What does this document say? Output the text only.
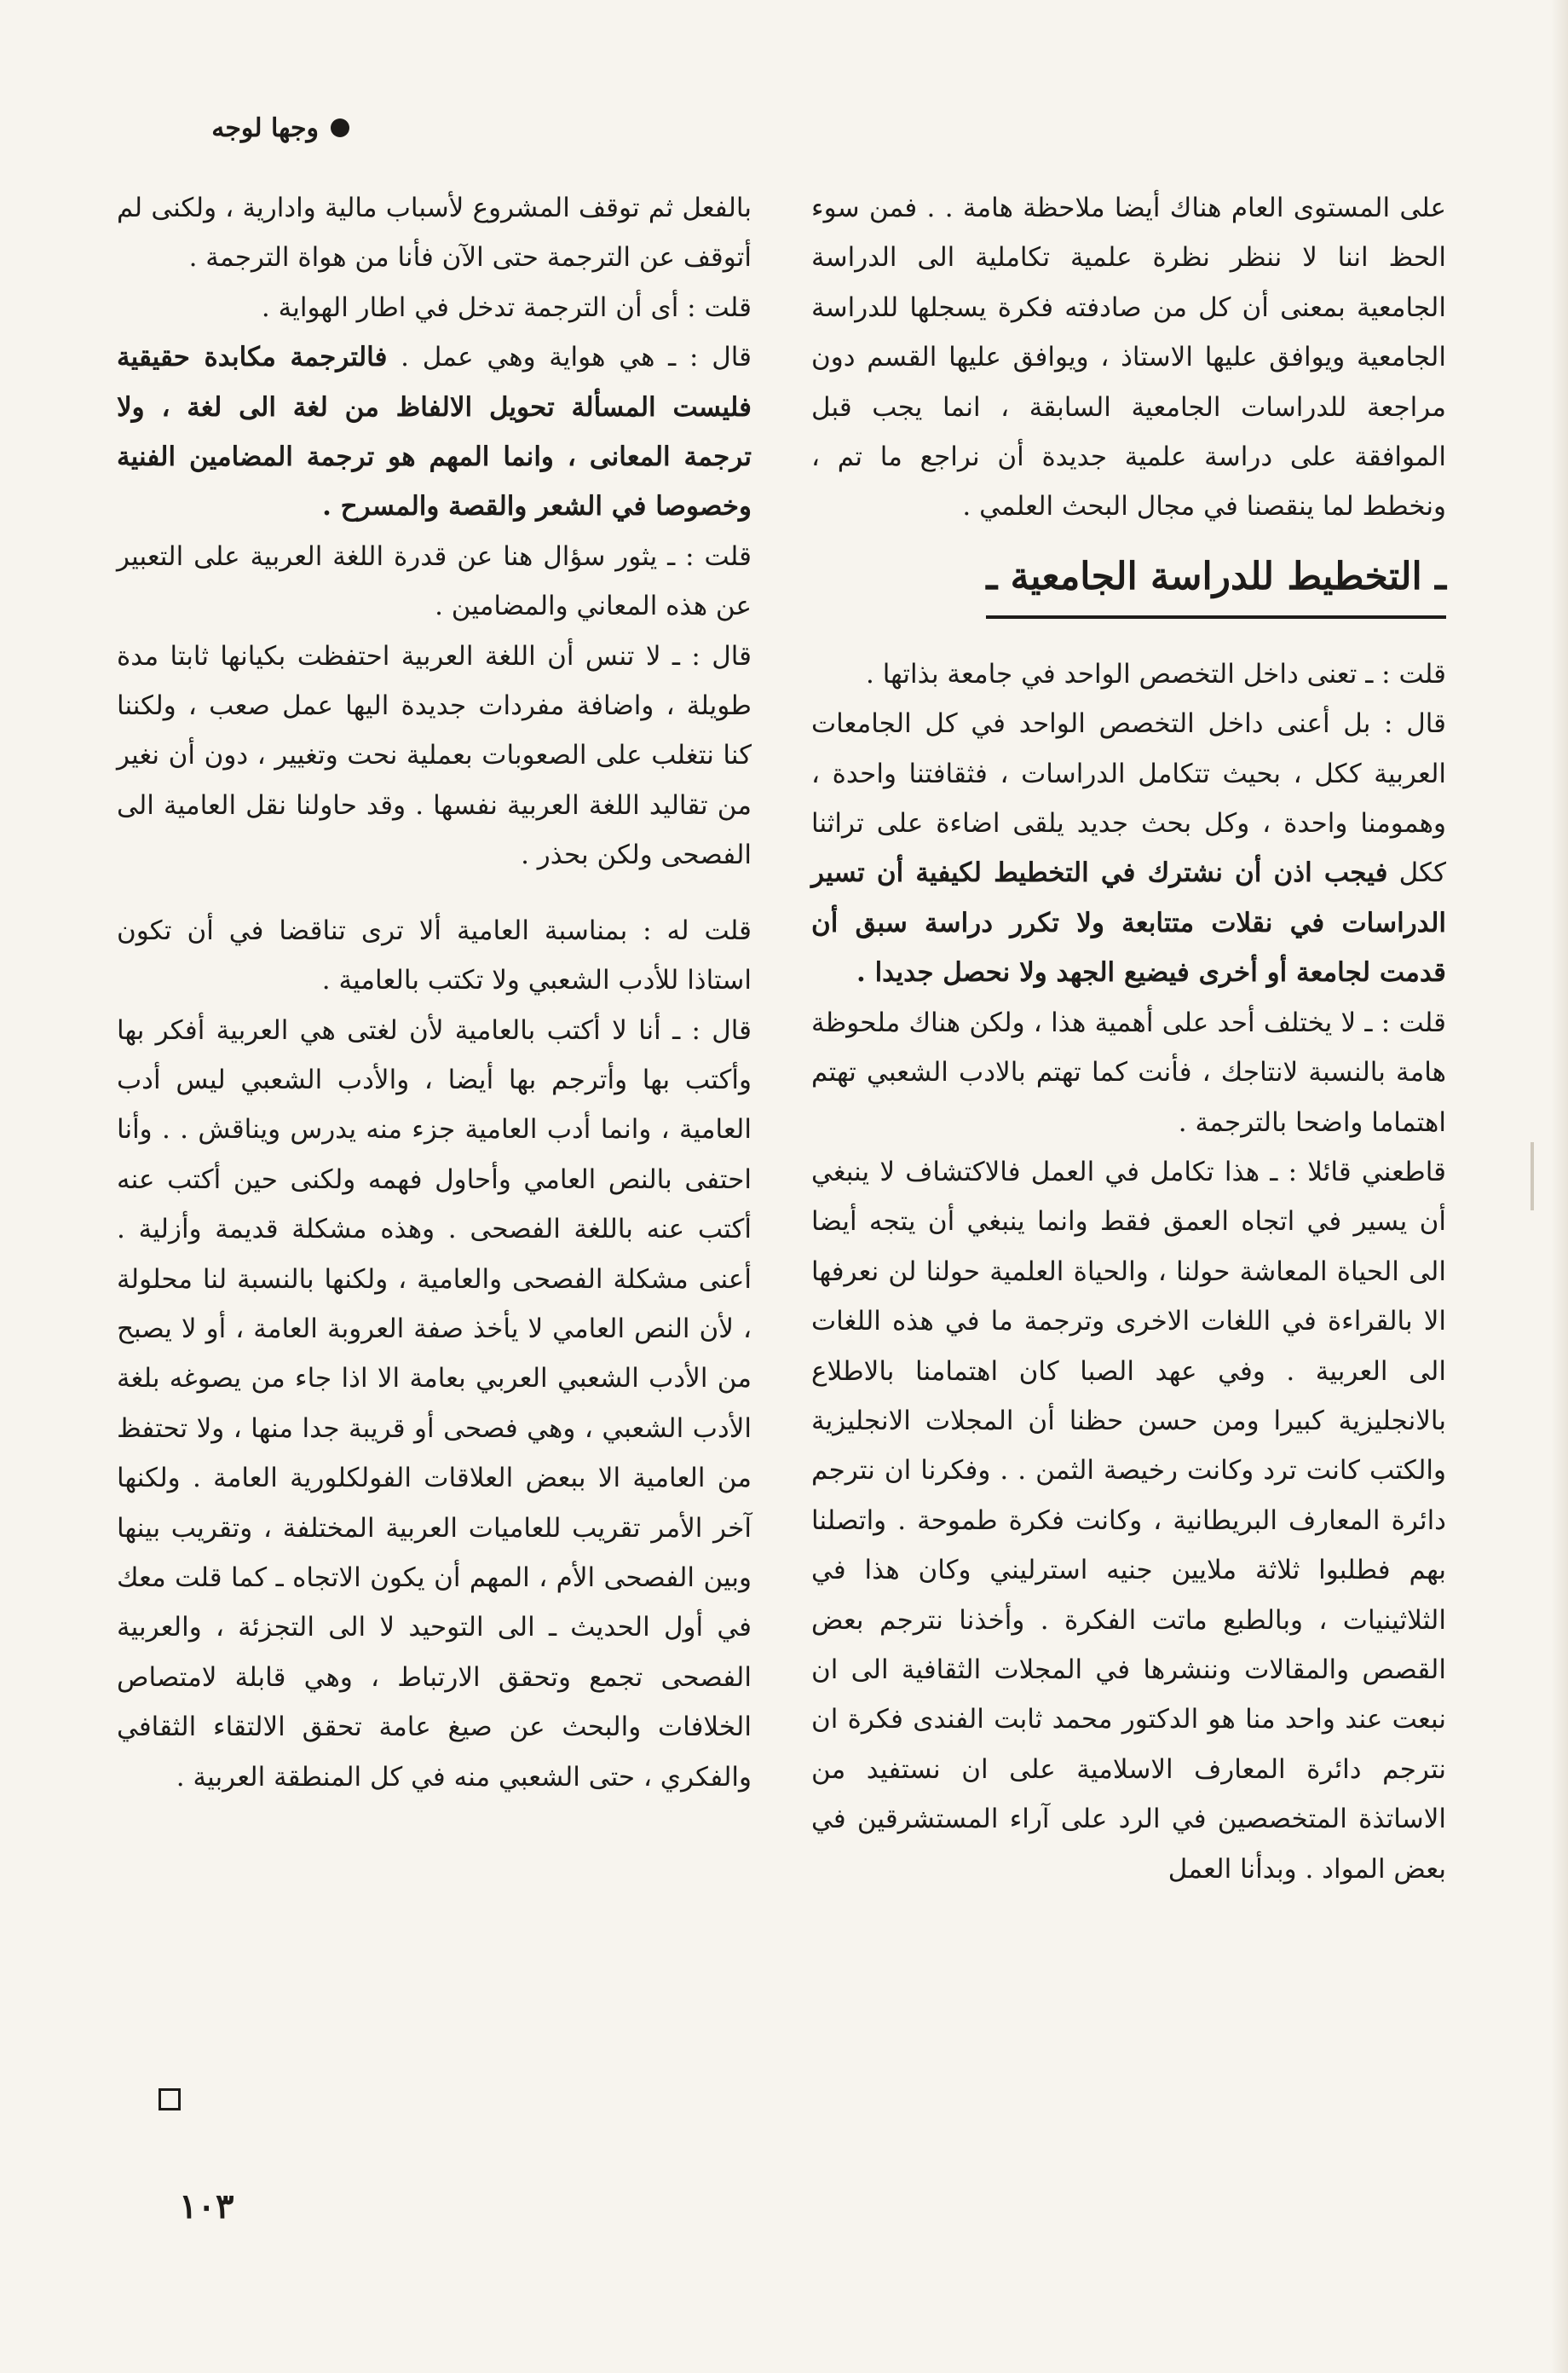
وجها لوجه

على المستوى العام هناك أيضا ملاحظة هامة . . فمن سوء الحظ اننا لا ننظر نظرة علمية تكاملية الى الدراسة الجامعية بمعنى أن كل من صادفته فكرة يسجلها للدراسة الجامعية ويوافق عليها الاستاذ ، ويوافق عليها القسم دون مراجعة للدراسات الجامعية السابقة ، انما يجب قبل الموافقة على دراسة علمية جديدة أن نراجع ما تم ، ونخطط لما ينقصنا في مجال البحث العلمي .

ـ التخطيط للدراسة الجامعية ـ

قلت : ـ تعنى داخل التخصص الواحد في جامعة بذاتها .

قال : بل أعنى داخل التخصص الواحد في كل الجامعات العربية ككل ، بحيث تتكامل الدراسات ، فثقافتنا واحدة ، وهمومنا واحدة ، وكل بحث جديد يلقى اضاءة على تراثنا ككل فيجب اذن أن نشترك في التخطيط لكيفية أن تسير الدراسات في نقلات متتابعة ولا تكرر دراسة سبق أن قدمت لجامعة أو أخرى فيضيع الجهد ولا نحصل جديدا .

قلت : ـ لا يختلف أحد على أهمية هذا ، ولكن هناك ملحوظة هامة بالنسبة لانتاجك ، فأنت كما تهتم بالادب الشعبي تهتم اهتماما واضحا بالترجمة .

قاطعني قائلا : ـ هذا تكامل في العمل فالاكتشاف لا ينبغي أن يسير في اتجاه العمق فقط وانما ينبغي أن يتجه أيضا الى الحياة المعاشة حولنا ، والحياة العلمية حولنا لن نعرفها الا بالقراءة في اللغات الاخرى وترجمة ما في هذه اللغات الى العربية . وفي عهد الصبا كان اهتمامنا بالاطلاع بالانجليزية كبيرا ومن حسن حظنا أن المجلات الانجليزية والكتب كانت ترد وكانت رخيصة الثمن . . وفكرنا ان نترجم دائرة المعارف البريطانية ، وكانت فكرة طموحة . واتصلنا بهم فطلبوا ثلاثة ملايين جنيه استرليني وكان هذا في الثلاثينيات ، وبالطبع ماتت الفكرة . وأخذنا نترجم بعض القصص والمقالات وننشرها في المجلات الثقافية الى ان نبعت عند واحد منا هو الدكتور محمد ثابت الفندى فكرة ان نترجم دائرة المعارف الاسلامية على ان نستفيد من الاساتذة المتخصصين في الرد على آراء المستشرقين في بعض المواد . وبدأنا العمل

بالفعل ثم توقف المشروع لأسباب مالية وادارية ، ولكنى لم أتوقف عن الترجمة حتى الآن فأنا من هواة الترجمة .

قلت : أى أن الترجمة تدخل في اطار الهواية .

قال : ـ هي هواية وهي عمل . فالترجمة مكابدة حقيقية فليست المسألة تحويل الالفاظ من لغة الى لغة ، ولا ترجمة المعانى ، وانما المهم هو ترجمة المضامين الفنية وخصوصا في الشعر والقصة والمسرح .

قلت : ـ يثور سؤال هنا عن قدرة اللغة العربية على التعبير عن هذه المعاني والمضامين .

قال : ـ لا تنس أن اللغة العربية احتفظت بكيانها ثابتا مدة طويلة ، واضافة مفردات جديدة اليها عمل صعب ، ولكننا كنا نتغلب على الصعوبات بعملية نحت وتغيير ، دون أن نغير من تقاليد اللغة العربية نفسها . وقد حاولنا نقل العامية الى الفصحى ولكن بحذر .

قلت له : بمناسبة العامية ألا ترى تناقضا في أن تكون استاذا للأدب الشعبي ولا تكتب بالعامية .

قال : ـ أنا لا أكتب بالعامية لأن لغتى هي العربية أفكر بها وأكتب بها وأترجم بها أيضا ، والأدب الشعبي ليس أدب العامية ، وانما أدب العامية جزء منه يدرس ويناقش . . وأنا احتفى بالنص العامي وأحاول فهمه ولكنى حين أكتب عنه أكتب عنه باللغة الفصحى . وهذه مشكلة قديمة وأزلية . أعنى مشكلة الفصحى والعامية ، ولكنها بالنسبة لنا محلولة ، لأن النص العامي لا يأخذ صفة العروبة العامة ، أو لا يصبح من الأدب الشعبي العربي بعامة الا اذا جاء من يصوغه بلغة الأدب الشعبي ، وهي فصحى أو قريبة جدا منها ، ولا تحتفظ من العامية الا ببعض العلاقات الفولكلورية العامة . ولكنها آخر الأمر تقريب للعاميات العربية المختلفة ، وتقريب بينها وبين الفصحى الأم ، المهم أن يكون الاتجاه ـ كما قلت معك في أول الحديث ـ الى التوحيد لا الى التجزئة ، والعربية الفصحى تجمع وتحقق الارتباط ، وهي قابلة لامتصاص الخلافات والبحث عن صيغ عامة تحقق الالتقاء الثقافي والفكري ، حتى الشعبي منه في كل المنطقة العربية .

١٠٣
